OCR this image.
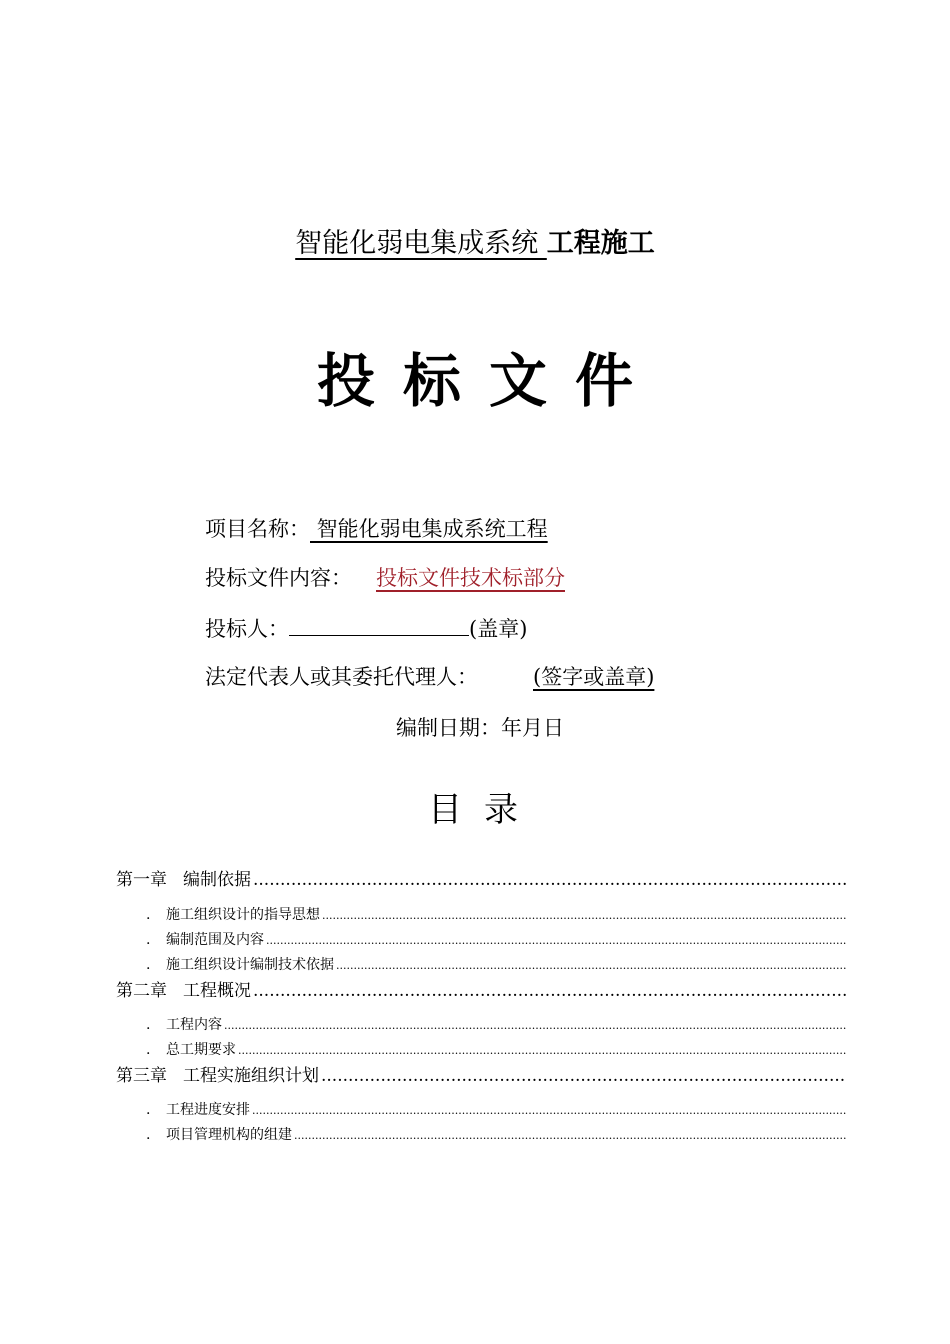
智能化弱电集成系统 工程施工
投标文件
项目名称： 智能化弱电集成系统工程
投标文件内容： 投标文件技术标部分
投标人：	(盖章)
法定代表人或其委托代理人：	(签字或盖章)
编制日期：年月日
目录
第一章 编制依据
.....
.	施工组织设计的指导思想
.....
.	编制范围及内容
.....
.	施工组织设计编制技术依据
.....
第二章 工程概况
.....
.	工程内容
.....
.	总工期要求
.....
第三章 工程实施组织计划
.....
.	工程进度安排
.....
.	项目管理机构的组建
.....
